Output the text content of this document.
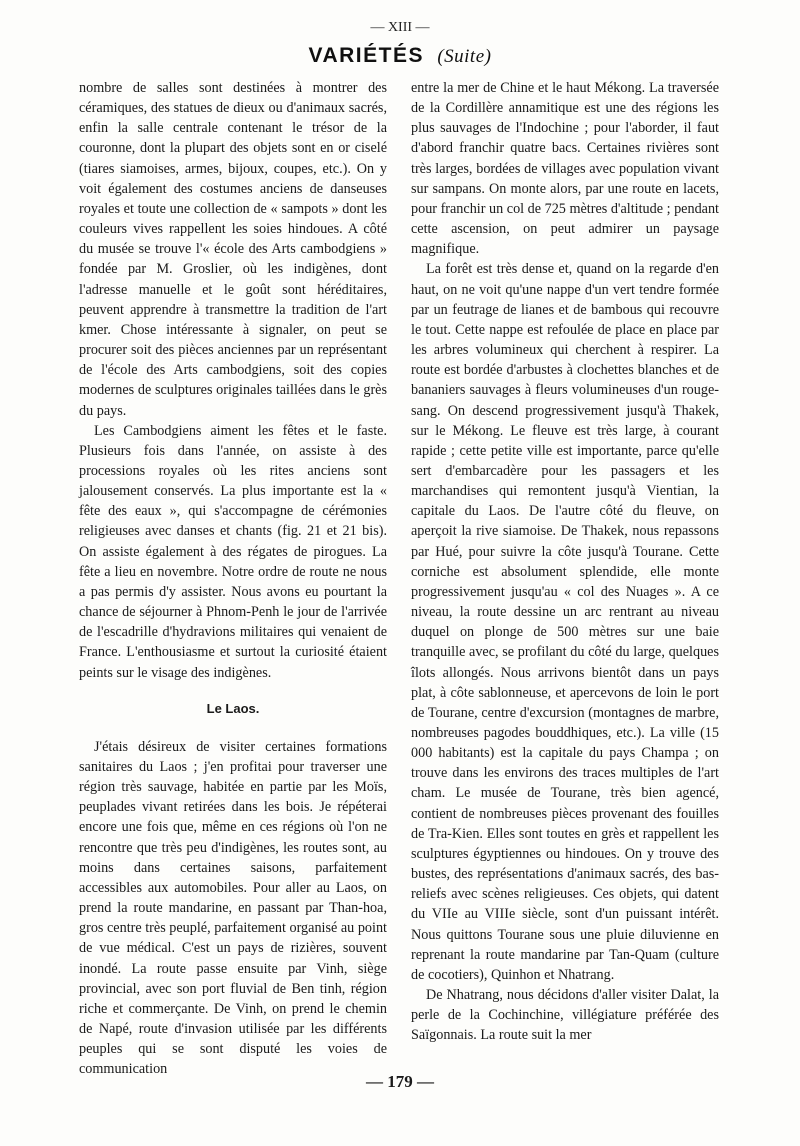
— XIII —
VARIÉTÉS (Suite)

nombre de salles sont destinées à montrer des céramiques, des statues de dieux ou d'animaux sacrés, enfin la salle centrale contenant le trésor de la couronne, dont la plupart des objets sont en or ciselé (tiares siamoises, armes, bijoux, coupes, etc.). On y voit également des costumes anciens de danseuses royales et toute une collection de « sampots » dont les couleurs vives rappellent les soies hindoues. A côté du musée se trouve l'« école des Arts cambodgiens » fondée par M. Groslier, où les indigènes, dont l'adresse manuelle et le goût sont héréditaires, peuvent apprendre à transmettre la tradition de l'art kmer. Chose intéressante à signaler, on peut se procurer soit des pièces anciennes par un représentant de l'école des Arts cambodgiens, soit des copies modernes de sculptures originales taillées dans le grès du pays.

Les Cambodgiens aiment les fêtes et le faste. Plusieurs fois dans l'année, on assiste à des processions royales où les rites anciens sont jalousement conservés. La plus importante est la « fête des eaux », qui s'accompagne de cérémonies religieuses avec danses et chants (fig. 21 et 21 bis). On assiste également à des régates de pirogues. La fête a lieu en novembre. Notre ordre de route ne nous a pas permis d'y assister. Nous avons eu pourtant la chance de séjourner à Phnom-Penh le jour de l'arrivée de l'escadrille d'hydravions militaires qui venaient de France. L'enthousiasme et surtout la curiosité étaient peints sur le visage des indigènes.

Le Laos.

J'étais désireux de visiter certaines formations sanitaires du Laos ; j'en profitai pour traverser une région très sauvage, habitée en partie par les Moïs, peuplades vivant retirées dans les bois. Je répéterai encore une fois que, même en ces régions où l'on ne rencontre que très peu d'indigènes, les routes sont, au moins dans certaines saisons, parfaitement accessibles aux automobiles. Pour aller au Laos, on prend la route mandarine, en passant par Than-hoa, gros centre très peuplé, parfaitement organisé au point de vue médical. C'est un pays de rizières, souvent inondé. La route passe ensuite par Vinh, siège provincial, avec son port fluvial de Ben tinh, région riche et commerçante. De Vinh, on prend le chemin de Napé, route d'invasion utilisée par les différents peuples qui se sont disputé les voies de communication

entre la mer de Chine et le haut Mékong. La traversée de la Cordillère annamitique est une des régions les plus sauvages de l'Indochine ; pour l'aborder, il faut d'abord franchir quatre bacs. Certaines rivières sont très larges, bordées de villages avec population vivant sur sampans. On monte alors, par une route en lacets, pour franchir un col de 725 mètres d'altitude ; pendant cette ascension, on peut admirer un paysage magnifique.

La forêt est très dense et, quand on la regarde d'en haut, on ne voit qu'une nappe d'un vert tendre formée par un feutrage de lianes et de bambous qui recouvre le tout. Cette nappe est refoulée de place en place par les arbres volumineux qui cherchent à respirer. La route est bordée d'arbustes à clochettes blanches et de bananiers sauvages à fleurs volumineuses d'un rouge-sang. On descend progressivement jusqu'à Thakek, sur le Mékong. Le fleuve est très large, à courant rapide ; cette petite ville est importante, parce qu'elle sert d'embarcadère pour les passagers et les marchandises qui remontent jusqu'à Vientian, la capitale du Laos. De l'autre côté du fleuve, on aperçoit la rive siamoise. De Thakek, nous repassons par Hué, pour suivre la côte jusqu'à Tourane. Cette corniche est absolument splendide, elle monte progressivement jusqu'au « col des Nuages ». A ce niveau, la route dessine un arc rentrant au niveau duquel on plonge de 500 mètres sur une baie tranquille avec, se profilant du côté du large, quelques îlots allongés. Nous arrivons bientôt dans un pays plat, à côte sablonneuse, et apercevons de loin le port de Tourane, centre d'excursion (montagnes de marbre, nombreuses pagodes bouddhiques, etc.). La ville (15 000 habitants) est la capitale du pays Champa ; on trouve dans les environs des traces multiples de l'art cham. Le musée de Tourane, très bien agencé, contient de nombreuses pièces provenant des fouilles de Tra-Kien. Elles sont toutes en grès et rappellent les sculptures égyptiennes ou hindoues. On y trouve des bustes, des représentations d'animaux sacrés, des bas-reliefs avec scènes religieuses. Ces objets, qui datent du VIIe au VIIIe siècle, sont d'un puissant intérêt. Nous quittons Tourane sous une pluie diluvienne en reprenant la route mandarine par Tan-Quam (culture de cocotiers), Quinhon et Nhatrang.

De Nhatrang, nous décidons d'aller visiter Dalat, la perle de la Cochinchine, villégiature préférée des Saïgonnais. La route suit la mer

— 179 —
